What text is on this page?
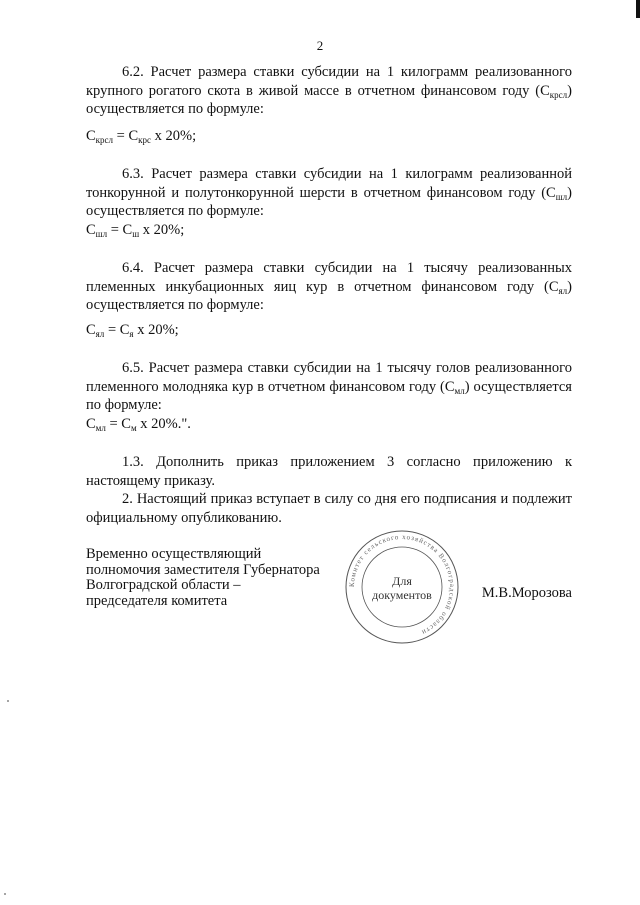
2

6.2. Расчет размера ставки субсидии на 1 килограмм реализованного крупного рогатого скота в живой массе в отчетном финансовом году $(С_{крсл})$ осуществляется по формуле:

$С_{крсл} = С_{крс}$ х 20%;

6.3. Расчет размера ставки субсидии на 1 килограмм реализованной тонкорунной и полутонкорунной шерсти в отчетном финансовом году $(С_{шл})$ осуществляется по формуле:

$С_{шл} = С_ш$ х 20%;

6.4. Расчет размера ставки субсидии на 1 тысячу реализованных племенных инкубационных яиц кур в отчетном финансовом году $(С_{ял})$ осуществляется по формуле:

$С_{ял} = С_я$ х 20%;

6.5. Расчет размера ставки субсидии на 1 тысячу голов реализованного племенного молодняка кур в отчетном финансовом году $(С_{мл})$ осуществляется по формуле:

$С_{мл} = С_м$ х 20%.".

1.3. Дополнить приказ приложением 3 согласно приложению к настоящему приказу.

2. Настоящий приказ вступает в силу со дня его подписания и подлежит официальному опубликованию.

Временно осуществляющий
полномочия заместителя Губернатора
Волгоградской области –
председателя комитета
Комитет сельского хозяйства Волгоградской области
Для
документов	М.В.Морозова
